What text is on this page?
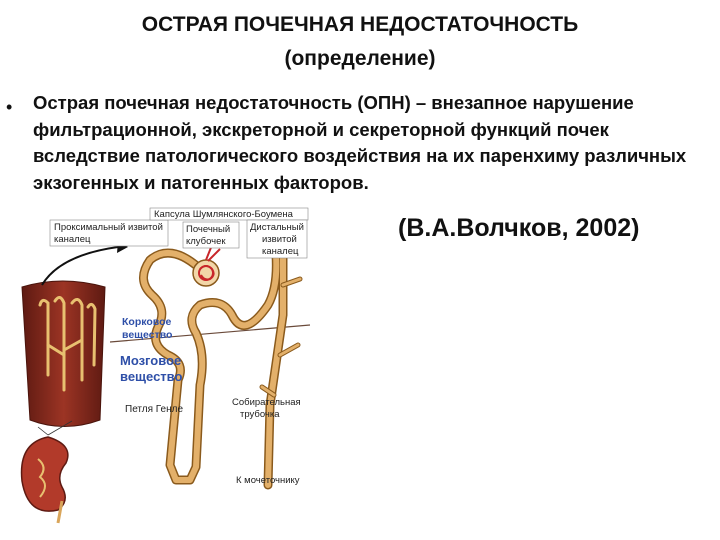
ОСТРАЯ ПОЧЕЧНАЯ НЕДОСТАТОЧНОСТЬ
(определение)
• Острая почечная недостаточность (ОПН) – внезапное нарушение фильтрационной, экскреторной и секреторной функций почек вследствие патологического воздействия на их паренхиму различных экзогенных и патогенных факторов.
(В.А.Волчков, 2002)
Проксимальный извитой
каналец
Капсула Шумлянского-Боумена
Почечный
клубочек
Дистальный
извитой
каналец
Корковое
вещество
Мозговое
вещество
Петля Генле
Собирательная
трубочка
К мочеточнику
